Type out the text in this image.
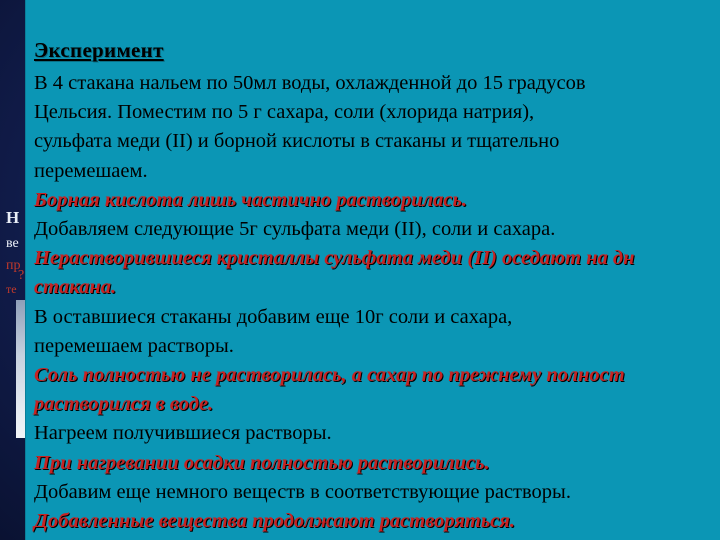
Н
ве
пр
?
те
Эксперимент
В 4 стакана нальем по 50мл воды, охлажденной до 15 градусов
Цельсия. Поместим по 5 г сахара, соли (хлорида натрия),
сульфата меди (II) и борной кислоты в стаканы и тщательно
перемешаем.
Борная кислота лишь частично растворилась.
Добавляем следующие 5г сульфата меди (II), соли и сахара.
Нерастворившиеся кристаллы сульфата меди (II) оседают на дн
стакана.
В оставшиеся стаканы добавим еще 10г соли и сахара,
перемешаем растворы.
Соль полностью не растворилась, а сахар по прежнему полност
растворился в воде.
Нагреем получившиеся растворы.
При нагревании осадки полностью растворились.
Добавим еще немного веществ в соответствующие растворы.
Добавленные вещества продолжают растворяться.
